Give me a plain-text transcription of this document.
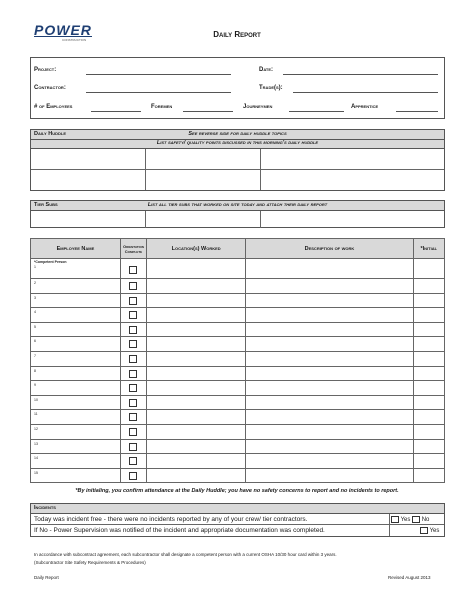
POWER
CONSTRUCTION
Daily Report
Project:	Date:
Contractor:	Trade(s):
# of Employees	Foremen	Journeymen	Apprentice
Daily Huddle	See reverse side for daily huddle topics
List safety/ quality points discussed in this morning's daily huddle
Tier Subs	List all tier subs that worked on site today and attach their daily report
Employee Name	Orientation Complete	Location(s) Worked	Description of work	*Initial

*Competent Person
1				

2				

3				

4				

5				

6				

7				

8				

9				

10				

11				

12				

13				

14				

15				

*By initialing, you confirm attendance at the Daily Huddle; you have no safety concerns to report and no incidents to report.
Incidents
Today was incident free - there were no incidents reported by any of your crew/ tier contractors.	Yes No
If No - Power Supervision was notified of the incident and appropriate documentation was completed.	Yes
In accordance with subcontract agreement, each subcontractor shall designate a competent person with a current OSHA 10/30 hour card within 3 years.
(Subcontractor Site Safety Requirements & Procedures)
Daily Report	Revised August 2013
